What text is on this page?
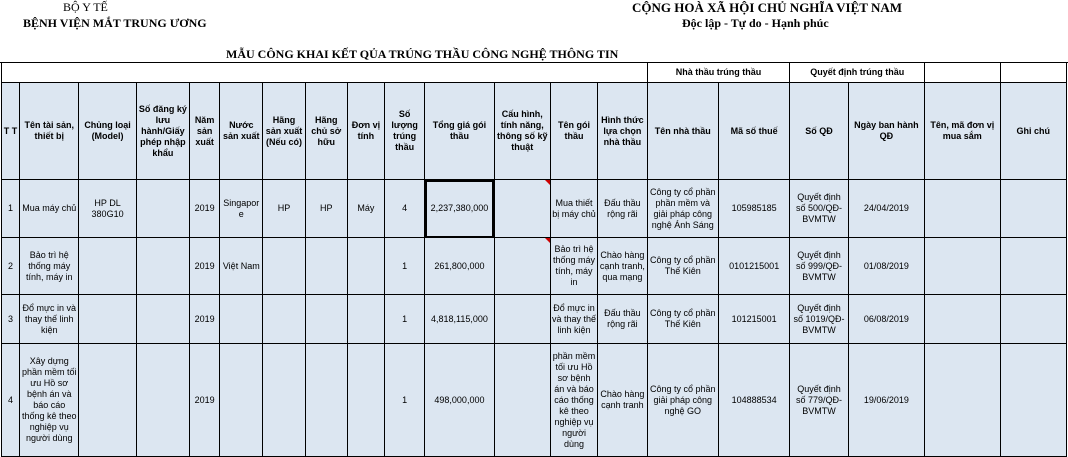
BỘ Y TẾ
BỆNH VIỆN MẮT TRUNG ƯƠNG
CỘNG HOÀ XÃ HỘI CHỦ NGHĨA VIỆT NAM
Độc lập - Tự do - Hạnh phúc
MẪU CÔNG KHAI KẾT QỦA TRÚNG THẦU CÔNG NGHỆ THÔNG TIN
														Nhà thầu trúng thầu		Quyết định trúng thầu			
T T	Tên tài sản, thiết bị	Chủng loại (Model)	Số đăng ký lưu hành/Giấy phép nhập khẩu	Năm sản xuất	Nước sản xuất	Hãng sản xuất (Nếu có)	Hãng chủ sở hữu	Đơn vị tính	Số lượng trúng thầu	Tổng giá gói thầu	Cấu hình, tính năng, thông số kỹ thuật	Tên gói thầu	Hình thức lựa chọn nhà thầu	Tên nhà thầu	Mã số thuế	Số QĐ	Ngày ban hành QĐ	Tên, mã đơn vị mua sắm	Ghi chú
1	Mua máy chủ	HP DL 380G10		2019	Singapore	HP	HP	Máy	4	2,237,380,000		Mua thiết bị máy chủ	Đấu thầu rộng rãi	Công ty cổ phần phần mềm và giải pháp công nghệ Ánh Sáng	105985185	Quyết định số 500/QĐ-BVMTW	24/04/2019		
2	Bảo trì hệ thống máy tính, máy in			2019	Việt Nam				1	261,800,000		Bảo trì hệ thống máy tính, máy in	Chào hàng cạnh tranh, qua mạng	Công ty cổ phần Thế Kiên	0101215001	Quyết định số 999/QĐ-BVMTW	01/08/2019		
3	Đổ mực in và thay thế linh kiện			2019					1	4,818,115,000		Đổ mực in và thay thế linh kiện	Đấu thầu rộng rãi	Công ty cổ phần Thế Kiên	101215001	Quyết định số 1019/QĐ-BVMTW	06/08/2019		
4	Xây dựng phần mềm tối ưu Hồ sơ bệnh án và báo cáo thống kê theo nghiệp vụ người dùng			2019					1	498,000,000		phần mềm tối ưu Hồ sơ bệnh án và báo cáo thống kê theo nghiệp vụ người dùng	Chào hàng cạnh tranh	Công ty cổ phần giải pháp công nghệ GO	104888534	Quyết định số 779/QĐ-BVMTW	19/06/2019		
